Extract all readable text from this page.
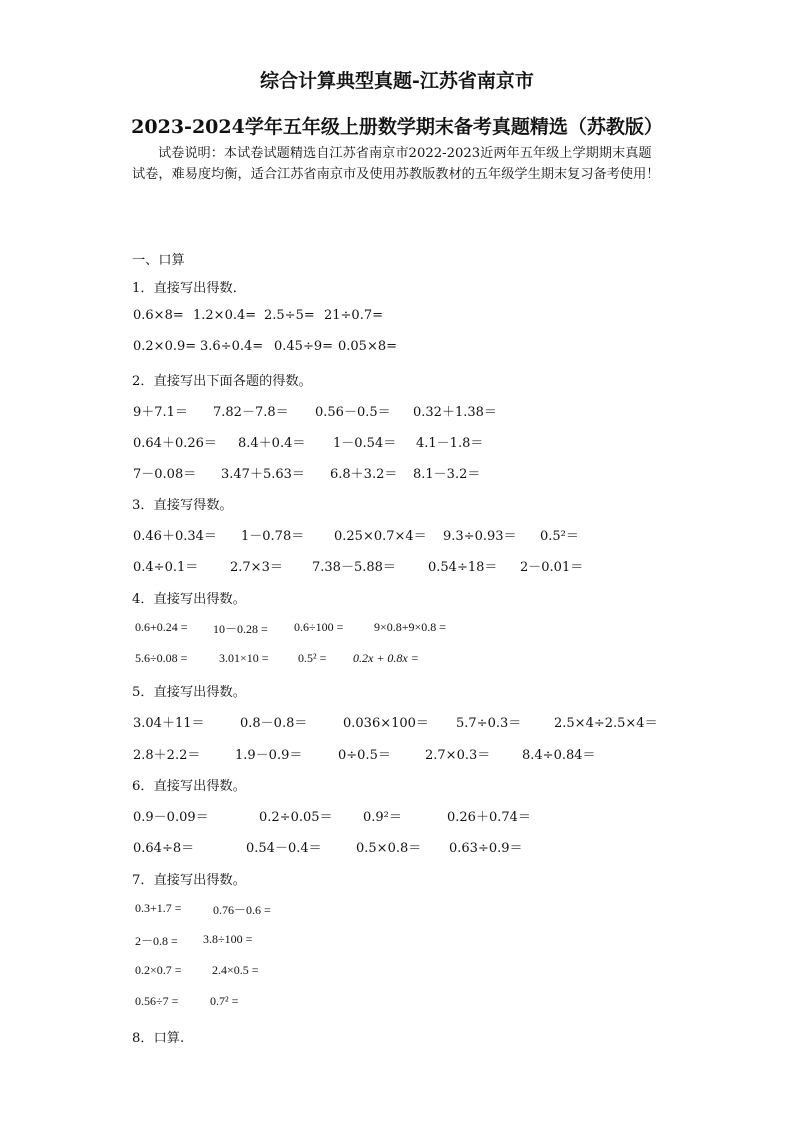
综合计算典型真题-江苏省南京市
2023-2024学年五年级上册数学期末备考真题精选（苏教版）
试卷说明：本试卷试题精选自江苏省南京市2022-2023近两年五年级上学期期末真题试卷，难易度均衡，适合江苏省南京市及使用苏教版教材的五年级学生期末复习备考使用！
一、口算
1．直接写出得数．
0.6×8= 1.2×0.4= 2.5÷5= 21÷0.7=
0.2×0.9= 3.6÷0.4= 0.45÷9= 0.05×8=
2．直接写出下面各题的得数。
9＋7.1＝ 7.82－7.8＝ 0.56－0.5＝ 0.32＋1.38＝
0.64＋0.26＝ 8.4＋0.4＝ 1－0.54＝ 4.1－1.8＝
7－0.08＝ 3.47＋5.63＝ 6.8＋3.2＝ 8.1－3.2＝
3．直接写得数。
0.46＋0.34＝ 1－0.78＝ 0.25×0.7×4＝ 9.3÷0.93＝ 0.5²＝
0.4÷0.1＝ 2.7×3＝ 7.38－5.88＝ 0.54÷18＝ 2－0.01＝
4．直接写出得数。
0.6+0.24 = 10－0.28 = 0.6÷100 =	9×0.8+9×0.8 =
5.6÷0.08 =	3.01×10 = 0.5² = 0.2x + 0.8x =
5．直接写出得数。
3.04＋11＝	0.8－0.8＝	0.036×100＝ 5.7÷0.3＝	2.5×4÷2.5×4＝
2.8＋2.2＝	1.9－0.9＝	0÷0.5＝	2.7×0.3＝ 8.4÷0.84＝
6．直接写出得数。
0.9－0.09＝	0.2÷0.05＝ 0.9²＝	0.26＋0.74＝
0.64÷8＝	0.54－0.4＝	0.5×0.8＝ 0.63÷0.9＝
7．直接写出得数。
0.3+1.7 =	0.76－0.6 =
2－0.8 = 3.8÷100 =
0.2×0.7 =	2.4×0.5 =
0.56÷7 =	0.7² =
8．口算.
